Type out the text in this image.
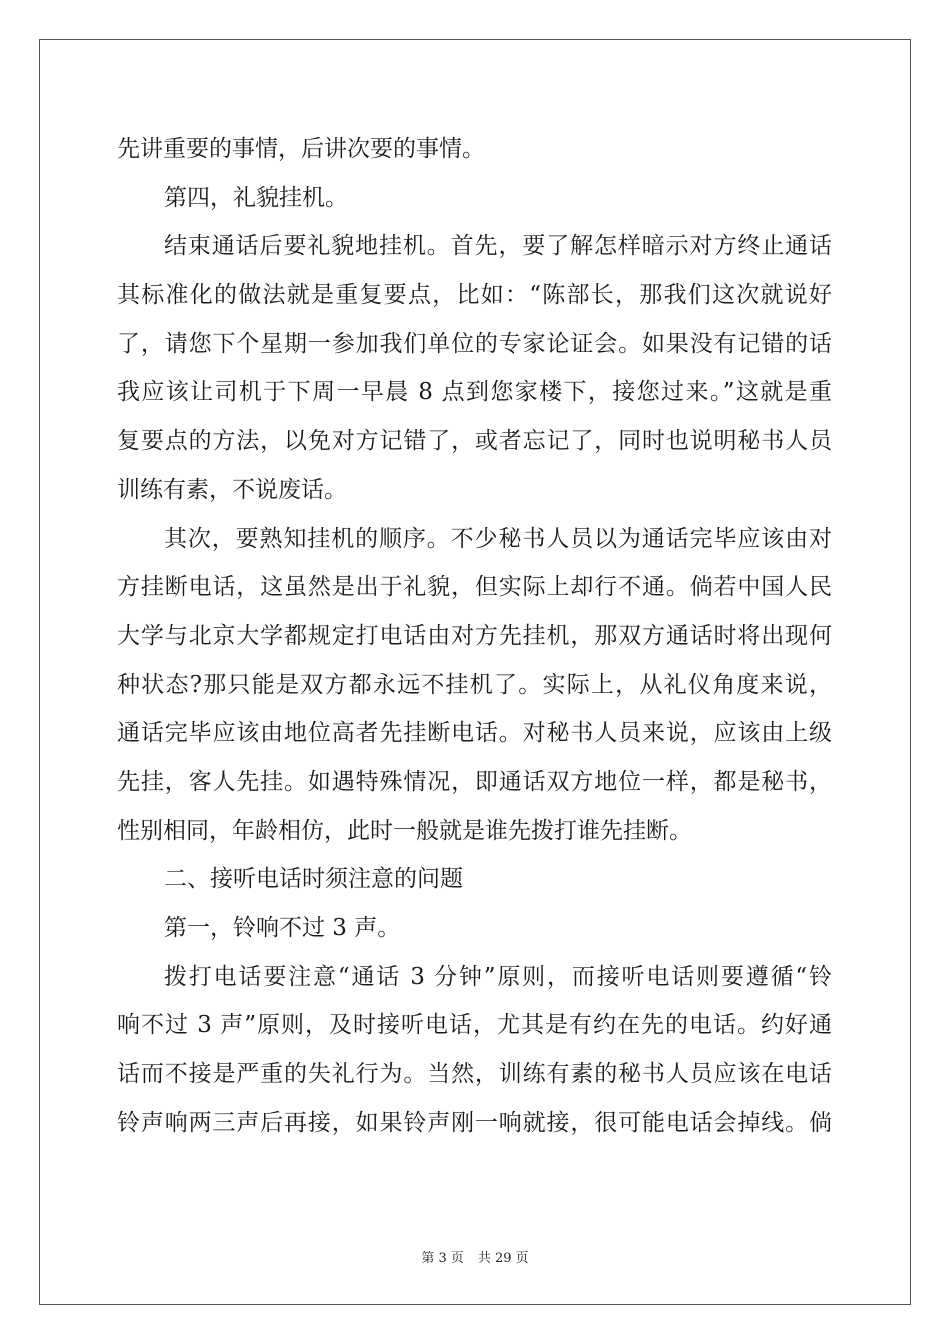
先讲重要的事情，后讲次要的事情。
第四，礼貌挂机。
结束通话后要礼貌地挂机。首先，要了解怎样暗示对方终止通话
其标准化的做法就是重复要点，比如：“陈部长，那我们这次就说好
了，请您下个星期一参加我们单位的专家论证会。如果没有记错的话
我应该让司机于下周一早晨 8 点到您家楼下，接您过来。”这就是重
复要点的方法，以免对方记错了，或者忘记了，同时也说明秘书人员
训练有素，不说废话。
其次，要熟知挂机的顺序。不少秘书人员以为通话完毕应该由对
方挂断电话，这虽然是出于礼貌，但实际上却行不通。倘若中国人民
大学与北京大学都规定打电话由对方先挂机，那双方通话时将出现何
种状态?那只能是双方都永远不挂机了。实际上，从礼仪角度来说，
通话完毕应该由地位高者先挂断电话。对秘书人员来说，应该由上级
先挂，客人先挂。如遇特殊情况，即通话双方地位一样，都是秘书，
性别相同，年龄相仿，此时一般就是谁先拨打谁先挂断。
二、接听电话时须注意的问题
第一，铃响不过 3 声。
拨打电话要注意“通话 3 分钟”原则，而接听电话则要遵循“铃
响不过 3 声”原则，及时接听电话，尤其是有约在先的电话。约好通
话而不接是严重的失礼行为。当然，训练有素的秘书人员应该在电话
铃声响两三声后再接，如果铃声刚一响就接，很可能电话会掉线。倘
第 3 页 共 29 页
